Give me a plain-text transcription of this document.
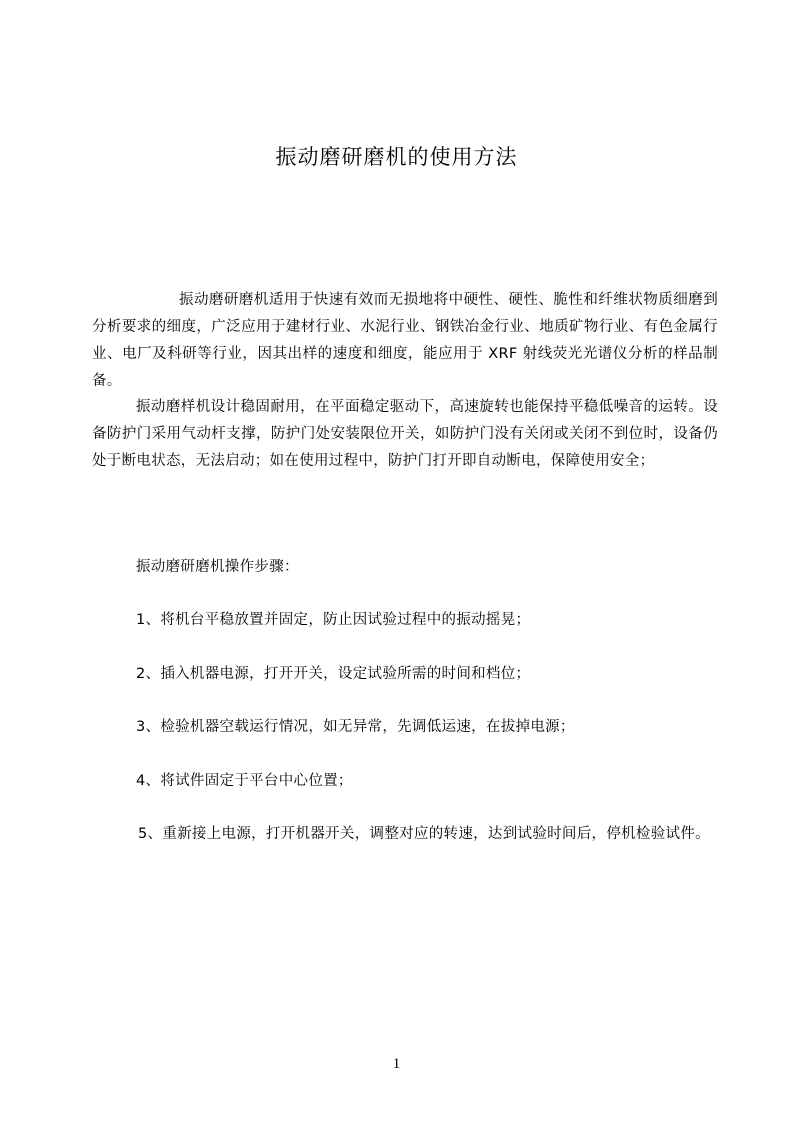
振动磨研磨机的使用方法

振动磨研磨机适用于快速有效而无损地将中硬性、硬性、脆性和纤维状物质细磨到分析要求的细度，广泛应用于建材行业、水泥行业、钢铁冶金行业、地质矿物行业、有色金属行业、电厂及科研等行业，因其出样的速度和细度，能应用于 XRF 射线荧光光谱仪分析的样品制备。

振动磨样机设计稳固耐用，在平面稳定驱动下，高速旋转也能保持平稳低噪音的运转。设备防护门采用气动杆支撑，防护门处安装限位开关，如防护门没有关闭或关闭不到位时，设备仍处于断电状态，无法启动；如在使用过程中，防护门打开即自动断电，保障使用安全；

振动磨研磨机操作步骤：
1、将机台平稳放置并固定，防止因试验过程中的振动摇晃；
2、插入机器电源，打开开关，设定试验所需的时间和档位；
3、检验机器空载运行情况，如无异常，先调低运速，在拔掉电源；
4、将试件固定于平台中心位置；
5、重新接上电源，打开机器开关，调整对应的转速，达到试验时间后，停机检验试件。
1
